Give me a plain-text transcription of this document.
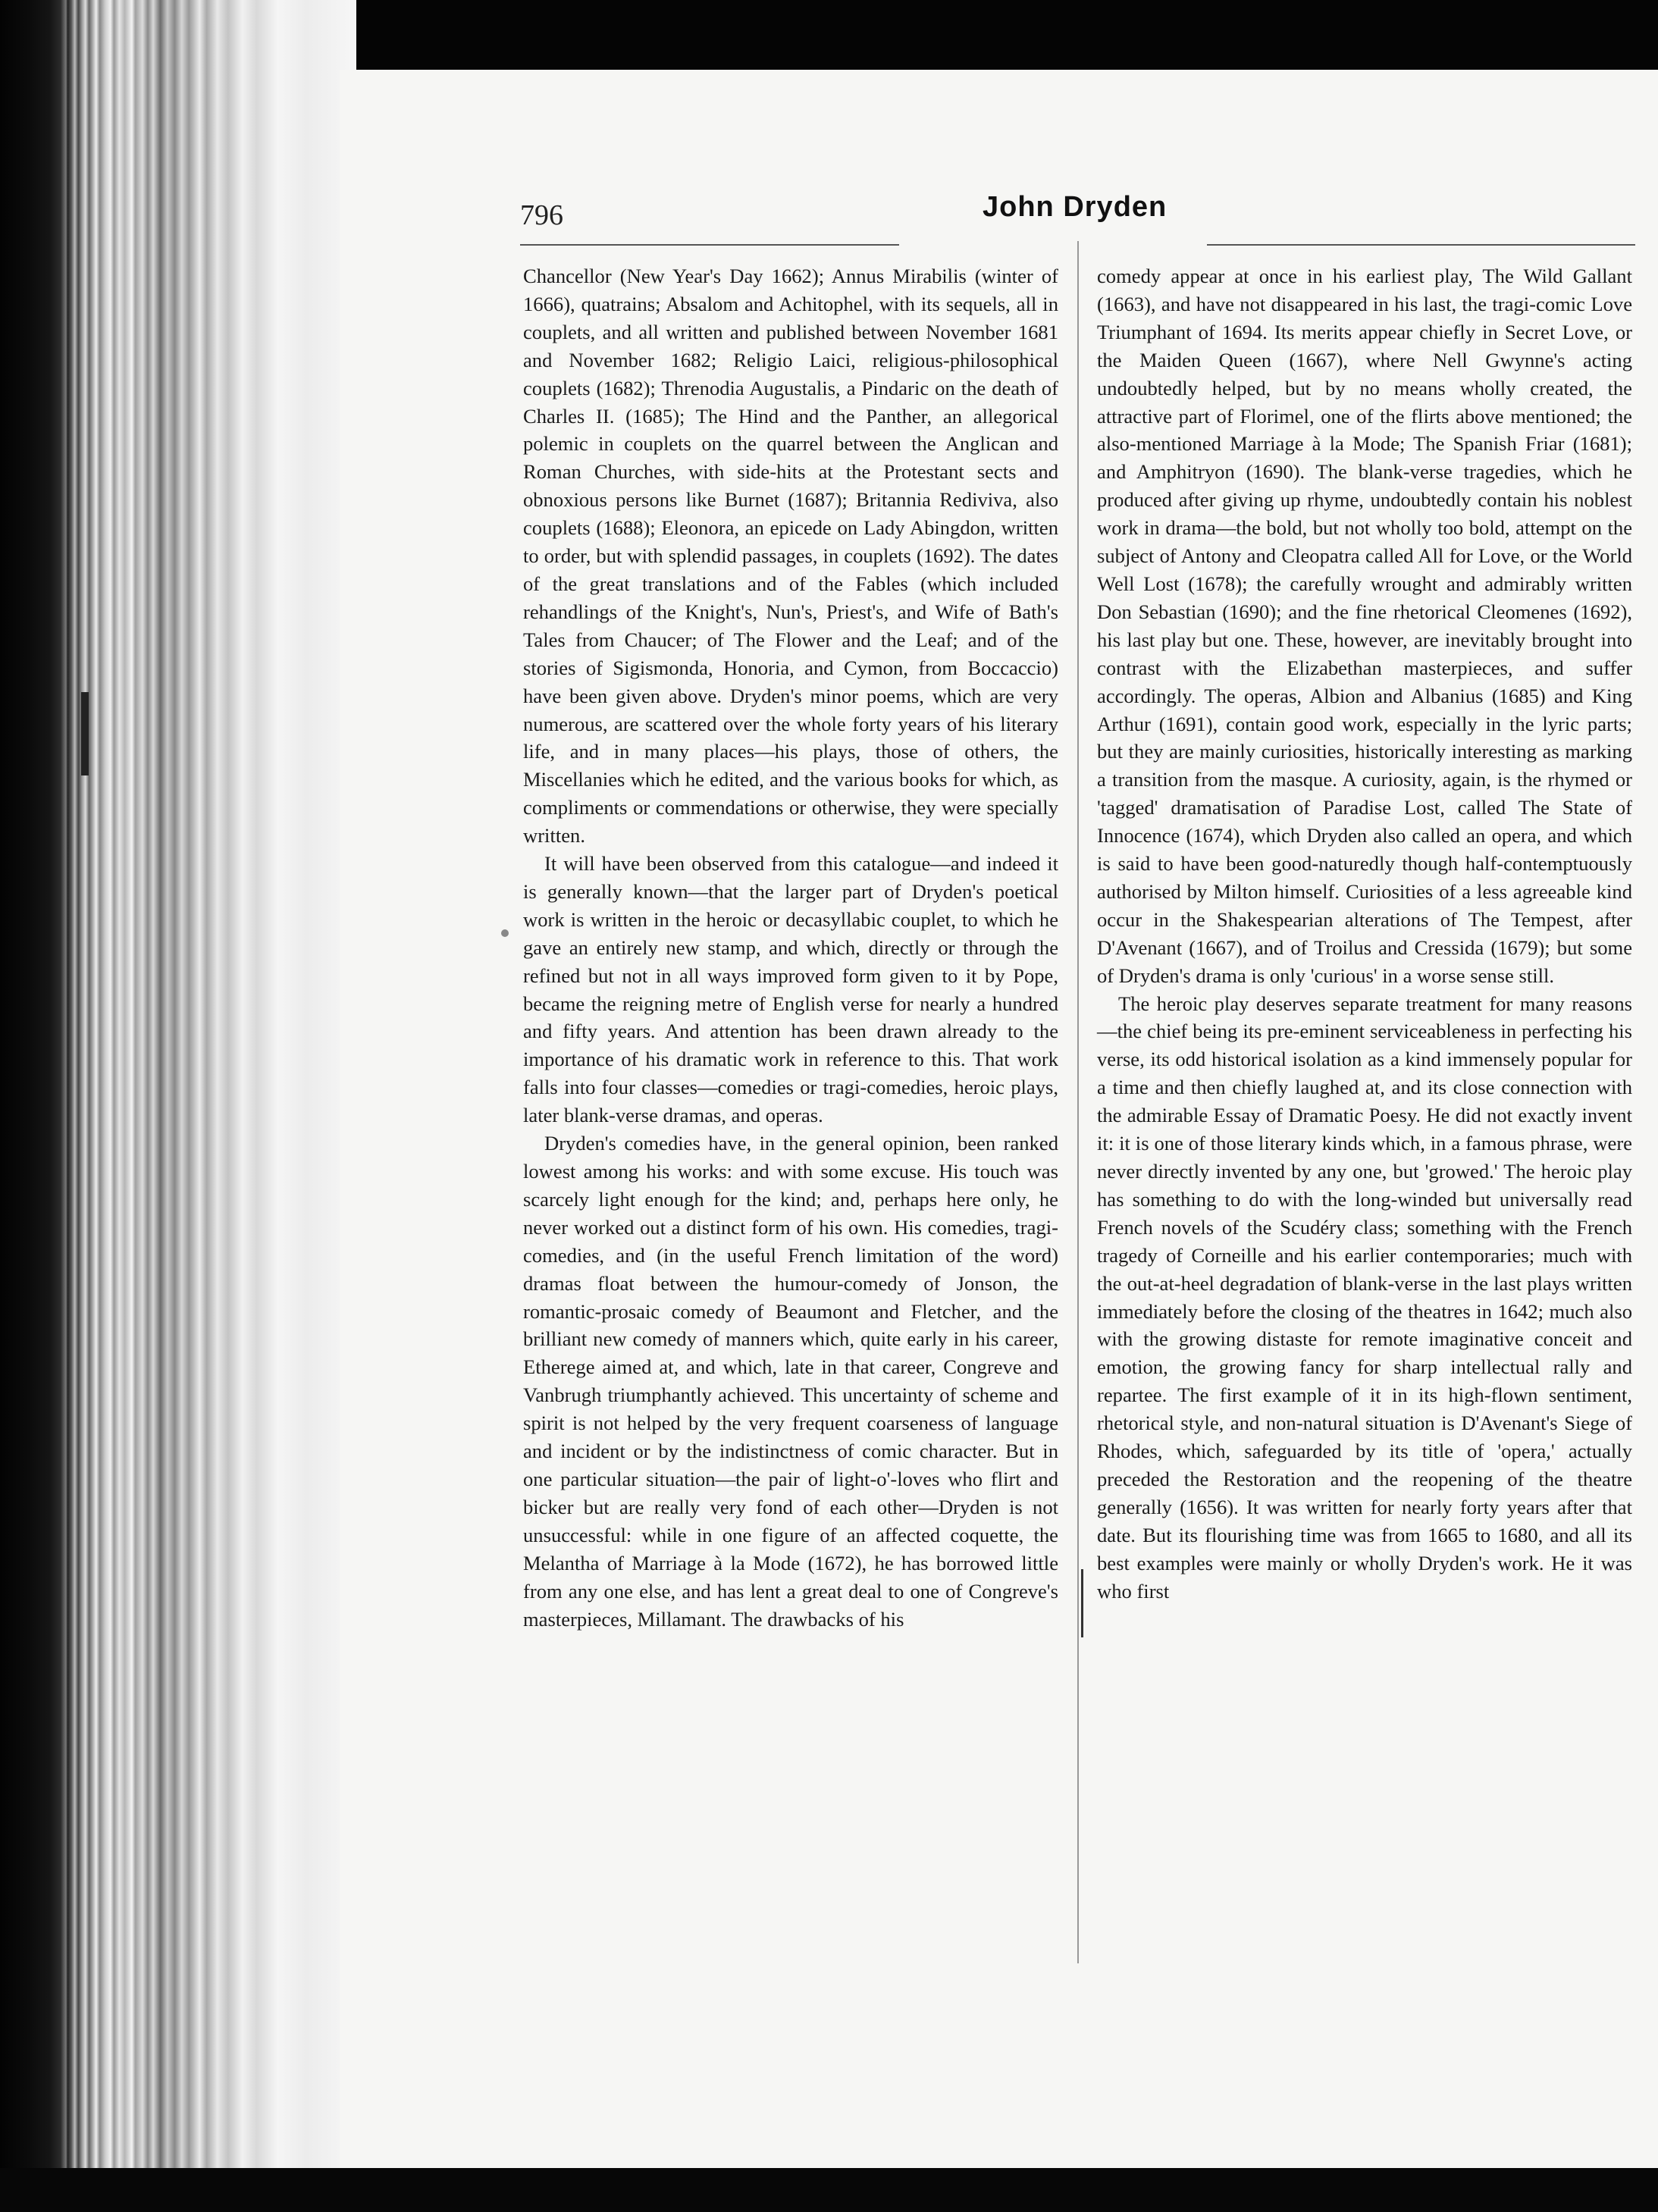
796	John Dryden

Chancellor (New Year's Day 1662); Annus Mirabilis (winter of 1666), quatrains; Absalom and Achitophel, with its sequels, all in couplets, and all written and published between November 1681 and November 1682; Religio Laici, religious-philosophical couplets (1682); Threnodia Augustalis, a Pindaric on the death of Charles II. (1685); The Hind and the Panther, an allegorical polemic in couplets on the quarrel between the Anglican and Roman Churches, with side-hits at the Protestant sects and obnoxious persons like Burnet (1687); Britannia Rediviva, also couplets (1688); Eleonora, an epicede on Lady Abingdon, written to order, but with splendid passages, in couplets (1692). The dates of the great translations and of the Fables (which included rehandlings of the Knight's, Nun's, Priest's, and Wife of Bath's Tales from Chaucer; of The Flower and the Leaf; and of the stories of Sigismonda, Honoria, and Cymon, from Boccaccio) have been given above. Dryden's minor poems, which are very numerous, are scattered over the whole forty years of his literary life, and in many places—his plays, those of others, the Miscellanies which he edited, and the various books for which, as compliments or commendations or otherwise, they were specially written.

It will have been observed from this catalogue—and indeed it is generally known—that the larger part of Dryden's poetical work is written in the heroic or decasyllabic couplet, to which he gave an entirely new stamp, and which, directly or through the refined but not in all ways improved form given to it by Pope, became the reigning metre of English verse for nearly a hundred and fifty years. And attention has been drawn already to the importance of his dramatic work in reference to this. That work falls into four classes—comedies or tragi-comedies, heroic plays, later blank-verse dramas, and operas.

Dryden's comedies have, in the general opinion, been ranked lowest among his works: and with some excuse. His touch was scarcely light enough for the kind; and, perhaps here only, he never worked out a distinct form of his own. His comedies, tragi-comedies, and (in the useful French limitation of the word) dramas float between the humour-comedy of Jonson, the romantic-prosaic comedy of Beaumont and Fletcher, and the brilliant new comedy of manners which, quite early in his career, Etherege aimed at, and which, late in that career, Congreve and Vanbrugh triumphantly achieved. This uncertainty of scheme and spirit is not helped by the very frequent coarseness of language and incident or by the indistinctness of comic character. But in one particular situation—the pair of light-o'-loves who flirt and bicker but are really very fond of each other—Dryden is not unsuccessful: while in one figure of an affected coquette, the Melantha of Marriage à la Mode (1672), he has borrowed little from any one else, and has lent a great deal to one of Congreve's masterpieces, Millamant. The drawbacks of his

comedy appear at once in his earliest play, The Wild Gallant (1663), and have not disappeared in his last, the tragi-comic Love Triumphant of 1694. Its merits appear chiefly in Secret Love, or the Maiden Queen (1667), where Nell Gwynne's acting undoubtedly helped, but by no means wholly created, the attractive part of Florimel, one of the flirts above mentioned; the also-mentioned Marriage à la Mode; The Spanish Friar (1681); and Amphitryon (1690). The blank-verse tragedies, which he produced after giving up rhyme, undoubtedly contain his noblest work in drama—the bold, but not wholly too bold, attempt on the subject of Antony and Cleopatra called All for Love, or the World Well Lost (1678); the carefully wrought and admirably written Don Sebastian (1690); and the fine rhetorical Cleomenes (1692), his last play but one. These, however, are inevitably brought into contrast with the Elizabethan masterpieces, and suffer accordingly. The operas, Albion and Albanius (1685) and King Arthur (1691), contain good work, especially in the lyric parts; but they are mainly curiosities, historically interesting as marking a transition from the masque. A curiosity, again, is the rhymed or 'tagged' dramatisation of Paradise Lost, called The State of Innocence (1674), which Dryden also called an opera, and which is said to have been good-naturedly though half-contemptuously authorised by Milton himself. Curiosities of a less agreeable kind occur in the Shakespearian alterations of The Tempest, after D'Avenant (1667), and of Troilus and Cressida (1679); but some of Dryden's drama is only 'curious' in a worse sense still.

The heroic play deserves separate treatment for many reasons—the chief being its pre-eminent serviceableness in perfecting his verse, its odd historical isolation as a kind immensely popular for a time and then chiefly laughed at, and its close connection with the admirable Essay of Dramatic Poesy. He did not exactly invent it: it is one of those literary kinds which, in a famous phrase, were never directly invented by any one, but 'growed.' The heroic play has something to do with the long-winded but universally read French novels of the Scudéry class; something with the French tragedy of Corneille and his earlier contemporaries; much with the out-at-heel degradation of blank-verse in the last plays written immediately before the closing of the theatres in 1642; much also with the growing distaste for remote imaginative conceit and emotion, the growing fancy for sharp intellectual rally and repartee. The first example of it in its high-flown sentiment, rhetorical style, and non-natural situation is D'Avenant's Siege of Rhodes, which, safeguarded by its title of 'opera,' actually preceded the Restoration and the reopening of the theatre generally (1656). It was written for nearly forty years after that date. But its flourishing time was from 1665 to 1680, and all its best examples were mainly or wholly Dryden's work. He it was who first
